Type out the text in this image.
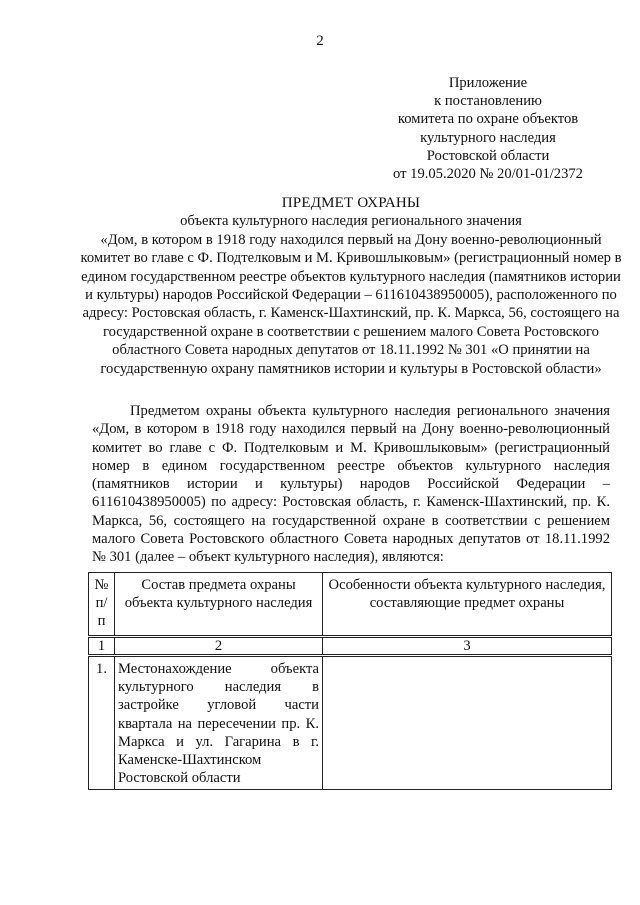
2
Приложение
к постановлению
комитета по охране объектов
культурного наследия
Ростовской области
от 19.05.2020 № 20/01-01/2372
ПРЕДМЕТ ОХРАНЫ
объекта культурного наследия регионального значения
«Дом, в котором в 1918 году находился первый на Дону военно-революционный комитет во главе с Ф. Подтелковым и М. Кривошлыковым» (регистрационный номер в едином государственном реестре объектов культурного наследия (памятников истории и культуры) народов Российской Федерации – 611610438950005), расположенного по адресу: Ростовская область, г. Каменск-Шахтинский, пр. К. Маркса, 56, состоящего на государственной охране в соответствии с решением малого Совета Ростовского областного Совета народных депутатов от 18.11.1992 № 301 «О принятии на государственную охрану памятников истории и культуры в Ростовской области»
Предметом охраны объекта культурного наследия регионального значения «Дом, в котором в 1918 году находился первый на Дону военно-революционный комитет во главе с Ф. Подтелковым и М. Кривошлыковым» (регистрационный номер в едином государственном реестре объектов культурного наследия (памятников истории и культуры) народов Российской Федерации – 611610438950005) по адресу: Ростовская область, г. Каменск-Шахтинский, пр. К. Маркса, 56, состоящего на государственной охране в соответствии с решением малого Совета Ростовского областного Совета народных депутатов от 18.11.1992 № 301 (далее – объект культурного наследия), являются:
№ п/п	Состав предмета охраны объекта культурного наследия	Особенности объекта культурного наследия, составляющие предмет охраны
1	2	3
1.	Местонахождение объекта культурного наследия в застройке угловой части квартала на пересечении пр. К. Маркса и ул. Гагарина в г. Каменске-Шахтинском Ростовской области	
